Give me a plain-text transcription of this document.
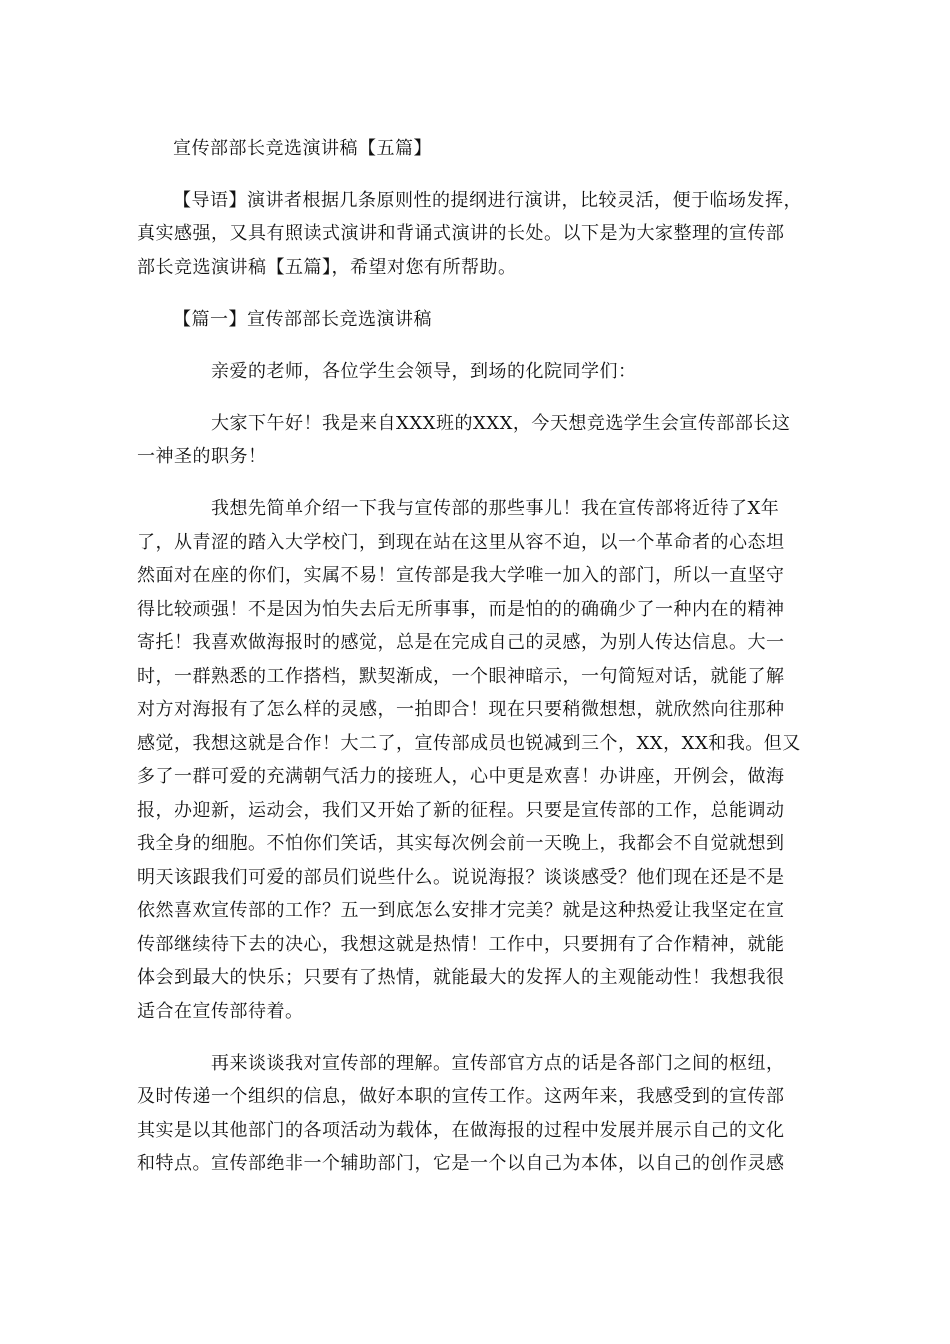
宣传部部长竞选演讲稿【五篇】
【导语】演讲者根据几条原则性的提纲进行演讲，比较灵活，便于临场发挥，
真实感强，又具有照读式演讲和背诵式演讲的长处。以下是为大家整理的宣传部
部长竞选演讲稿【五篇】，希望对您有所帮助。
【篇一】宣传部部长竞选演讲稿
亲爱的老师，各位学生会领导，到场的化院同学们：
大家下午好！我是来自XXX班的XXX，今天想竞选学生会宣传部部长这
一神圣的职务！
我想先简单介绍一下我与宣传部的那些事儿！我在宣传部将近待了X年
了，从青涩的踏入大学校门，到现在站在这里从容不迫，以一个革命者的心态坦
然面对在座的你们，实属不易！宣传部是我大学唯一加入的部门，所以一直坚守
得比较顽强！不是因为怕失去后无所事事，而是怕的的确确少了一种内在的精神
寄托！我喜欢做海报时的感觉，总是在完成自己的灵感，为别人传达信息。大一
时，一群熟悉的工作搭档，默契渐成，一个眼神暗示，一句简短对话，就能了解
对方对海报有了怎么样的灵感，一拍即合！现在只要稍微想想，就欣然向往那种
感觉，我想这就是合作！大二了，宣传部成员也锐减到三个，XX，XX和我。但又
多了一群可爱的充满朝气活力的接班人，心中更是欢喜！办讲座，开例会，做海
报，办迎新，运动会，我们又开始了新的征程。只要是宣传部的工作，总能调动
我全身的细胞。不怕你们笑话，其实每次例会前一天晚上，我都会不自觉就想到
明天该跟我们可爱的部员们说些什么。说说海报？谈谈感受？他们现在还是不是
依然喜欢宣传部的工作？五一到底怎么安排才完美？就是这种热爱让我坚定在宣
传部继续待下去的决心，我想这就是热情！工作中，只要拥有了合作精神，就能
体会到最大的快乐；只要有了热情，就能最大的发挥人的主观能动性！我想我很
适合在宣传部待着。
再来谈谈我对宣传部的理解。宣传部官方点的话是各部门之间的枢纽，
及时传递一个组织的信息，做好本职的宣传工作。这两年来，我感受到的宣传部
其实是以其他部门的各项活动为载体，在做海报的过程中发展并展示自己的文化
和特点。宣传部绝非一个辅助部门，它是一个以自己为本体，以自己的创作灵感
